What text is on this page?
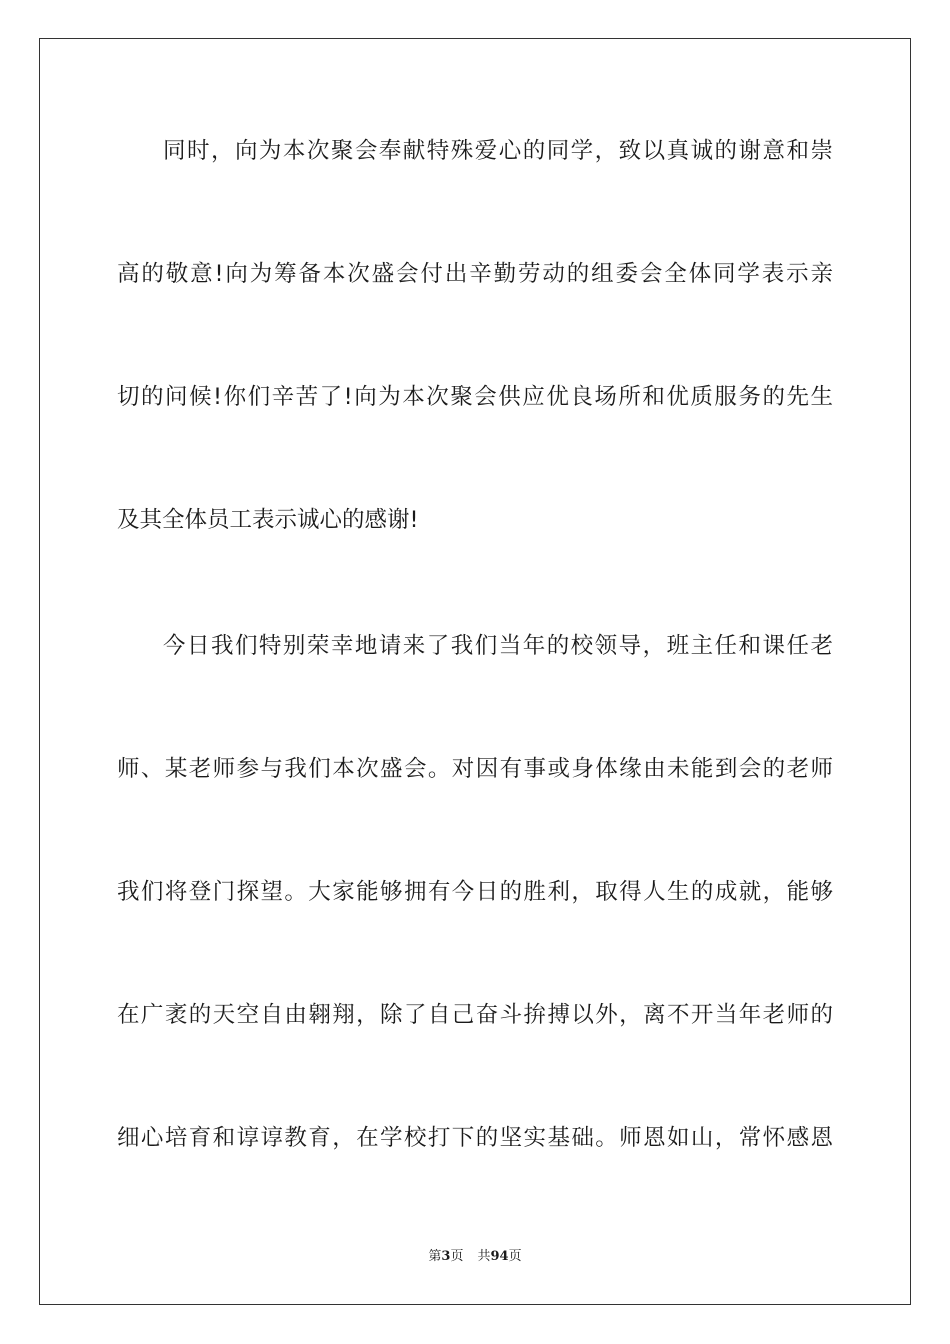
同时，向为本次聚会奉献特殊爱心的同学，致以真诚的谢意和崇
高的敬意!向为筹备本次盛会付出辛勤劳动的组委会全体同学表示亲
切的问候!你们辛苦了!向为本次聚会供应优良场所和优质服务的先生
及其全体员工表示诚心的感谢!
今日我们特别荣幸地请来了我们当年的校领导，班主任和课任老
师、某老师参与我们本次盛会。对因有事或身体缘由未能到会的老师
我们将登门探望。大家能够拥有今日的胜利，取得人生的成就，能够
在广袤的天空自由翱翔，除了自己奋斗拚搏以外，离不开当年老师的
细心培育和谆谆教育，在学校打下的坚实基础。师恩如山，常怀感恩
第3页 共94页
